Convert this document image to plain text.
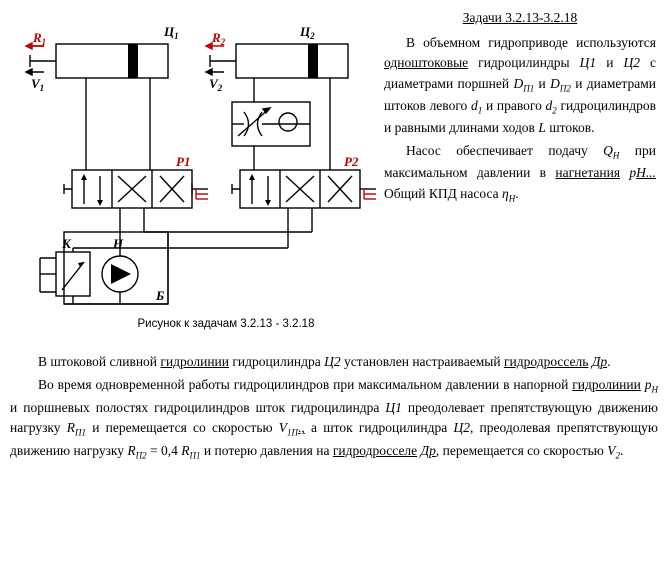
$R_1$
$V_1$
$Ц_1$	$R_2$
$V_2$
$Ц_2$
P1	P2
К	Н
Б
Рисунок к задачам 3.2.13 - 3.2.18
Задачи 3.2.13-3.2.18

В объемном гидроприводе используются одноштоковые гидроцилиндры Ц1 и Ц2 с диаметрами поршней $D_{П1}$ и $D_{П2}$ и диаметрами штоков левого $d_1$ и правого $d_2$ гидроцилиндров и равными длинами ходов L штоков.

Насос обеспечивает подачу $Q_Н$ при максимальном давлении в нагнетания pН... Общий КПД насоса $\eta_Н$.

В штоковой сливной гидролинии гидроцилиндра Ц2 установлен настраиваемый гидродроссель Др.

Во время одновременной работы гидроцилиндров при максимальном давлении в напорной гидролинии $p_Н$ и поршневых полостях гидроцилиндров шток гидроцилиндра Ц1 преодолевает препятствующую движению нагрузку $R_{П1}$ и перемещается со скоростью $V_{1П}$., а шток гидроцилиндра Ц2, преодолевая препятствующую движению нагрузку $R_{П2} = 0,4$ $R_{П1}$ и потерю давления на гидродросселе Др, перемещается со скоростью $V_2$.
